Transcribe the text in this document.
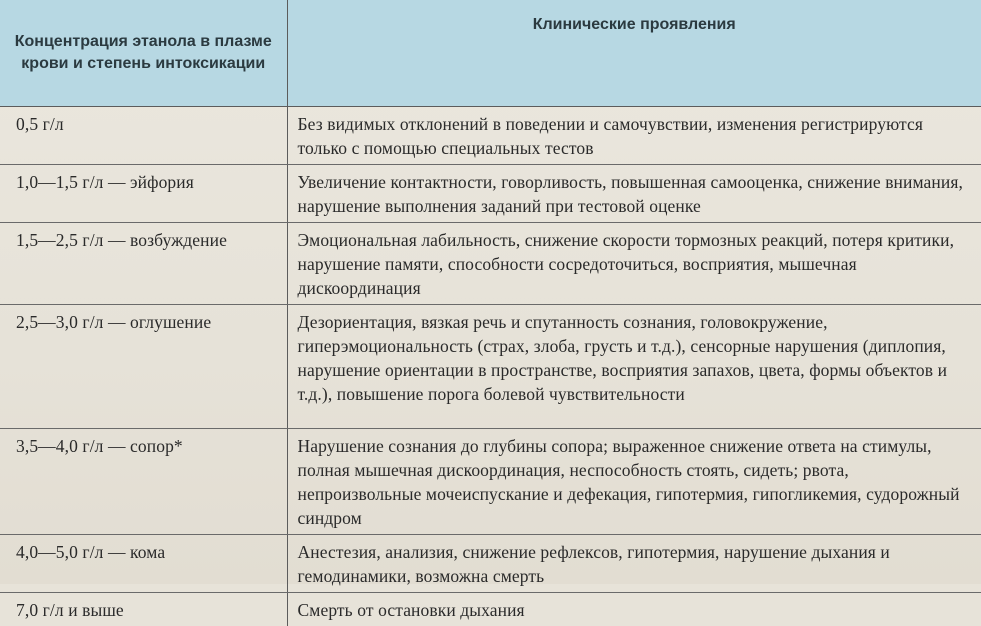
Концентрация этанола в плазме крови и степень интоксикации	Клинические проявления
0,5 г/л	Без видимых отклонений в поведении и самочувствии, изменения регистрируются только с помощью специальных тестов
1,0—1,5 г/л — эйфория	Увеличение контактности, говорливость, повышенная самооценка, снижение внимания, нарушение выполнения заданий при тестовой оценке
1,5—2,5 г/л — возбуждение	Эмоциональная лабильность, снижение скорости тормозных реакций, потеря критики, нарушение памяти, способности сосредоточиться, восприятия, мышечная дискоординация
2,5—3,0 г/л — оглушение	Дезориентация, вязкая речь и спутанность сознания, головокружение, гиперэмоциональность (страх, злоба, грусть и т.д.), сенсорные нарушения (диплопия, нарушение ориентации в пространстве, восприятия запахов, цвета, формы объектов и т.д.), повышение порога болевой чувствительности
3,5—4,0 г/л — сопор*	Нарушение сознания до глубины сопора; выраженное снижение ответа на стимулы, полная мышечная дискоординация, неспособность стоять, сидеть; рвота, непроизвольные мочеиспускание и дефекация, гипотермия, гипогликемия, судорожный синдром
4,0—5,0 г/л — кома	Анестезия, анализия, снижение рефлексов, гипотермия, нарушение дыхания и гемодинамики, возможна смерть
7,0 г/л и выше	Смерть от остановки дыхания
